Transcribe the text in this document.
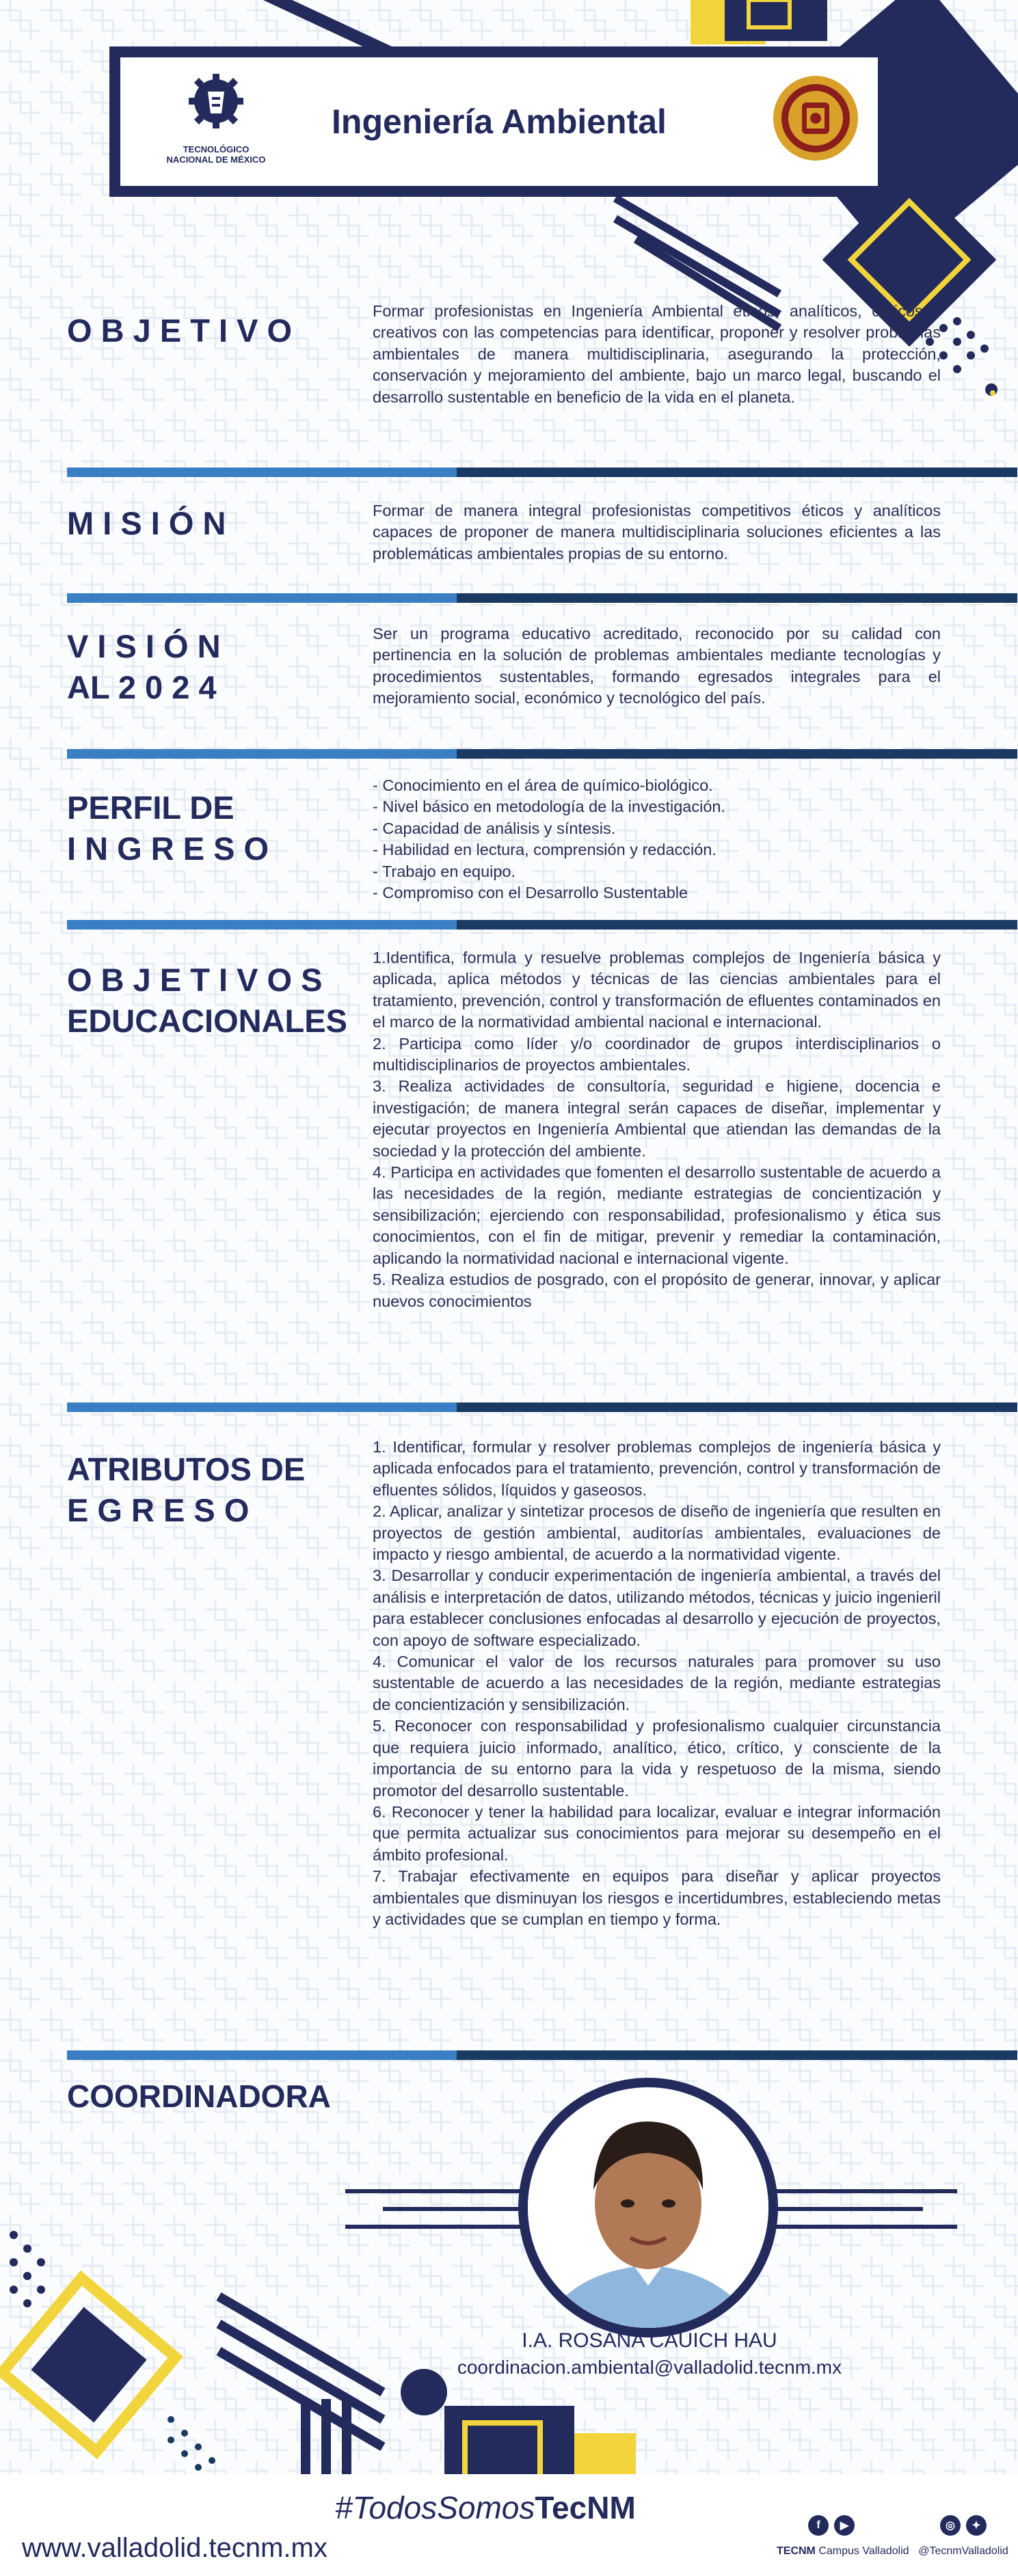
TECNOLÓGICO
NACIONAL DE MÉXICO
Ingeniería Ambiental
O B J E T I V O

Formar profesionistas en Ingeniería Ambiental éticos, analíticos, críticos y creativos con las competencias para identificar, proponer y resolver problemas ambientales de manera multidisciplinaria, asegurando la protección, conservación y mejoramiento del ambiente, bajo un marco legal, buscando el desarrollo sustentable en beneficio de la vida en el planeta.

M I S I Ó N	Formar de manera integral profesionistas competitivos éticos y analíticos capaces de proponer de manera multidisciplinaria soluciones eficientes a las problemáticas ambientales propias de su entorno.

V I S I Ó N
AL 2 0 2 4

Ser un programa educativo acreditado, reconocido por su calidad con pertinencia en la solución de problemas ambientales mediante tecnologías y procedimientos sustentables, formando egresados integrales para el mejoramiento social, económico y tecnológico del país.

PERFIL DE
I N G R E S O

- Conocimiento en el área de químico-biológico.

- Nivel básico en metodología de la investigación.

- Capacidad de análisis y síntesis.

- Habilidad en lectura, comprensión y redacción.

- Trabajo en equipo.

- Compromiso con el Desarrollo Sustentable

O B J E T I V O S
EDUCACIONALES

1.Identifica, formula y resuelve problemas complejos de Ingeniería básica y aplicada, aplica métodos y técnicas de las ciencias ambientales para el tratamiento, prevención, control y transformación de efluentes contaminados en el marco de la normatividad ambiental nacional e internacional.

2. Participa como líder y/o coordinador de grupos interdisciplinarios o multidisciplinarios de proyectos ambientales.

3. Realiza actividades de consultoría, seguridad e higiene, docencia e investigación; de manera integral serán capaces de diseñar, implementar y ejecutar proyectos en Ingeniería Ambiental que atiendan las demandas de la sociedad y la protección del ambiente.

4. Participa en actividades que fomenten el desarrollo sustentable de acuerdo a las necesidades de la región, mediante estrategias de concientización y sensibilización; ejerciendo con responsabilidad, profesionalismo y ética sus conocimientos, con el fin de mitigar, prevenir y remediar la contaminación, aplicando la normatividad nacional e internacional vigente.

5. Realiza estudios de posgrado, con el propósito de generar, innovar, y aplicar nuevos conocimientos

ATRIBUTOS DE
E G R E S O

1. Identificar, formular y resolver problemas complejos de ingeniería básica y aplicada enfocados para el tratamiento, prevención, control y transformación de efluentes sólidos, líquidos y gaseosos.

2. Aplicar, analizar y sintetizar procesos de diseño de ingeniería que resulten en proyectos de gestión ambiental, auditorías ambientales, evaluaciones de impacto y riesgo ambiental, de acuerdo a la normatividad vigente.

3. Desarrollar y conducir experimentación de ingeniería ambiental, a través del análisis e interpretación de datos, utilizando métodos, técnicas y juicio ingenieril para establecer conclusiones enfocadas al desarrollo y ejecución de proyectos, con apoyo de software especializado.

4. Comunicar el valor de los recursos naturales para promover su uso sustentable de acuerdo a las necesidades de la región, mediante estrategias de concientización y sensibilización.

5. Reconocer con responsabilidad y profesionalismo cualquier circunstancia que requiera juicio informado, analítico, ético, crítico, y consciente de la importancia de su entorno para la vida y respetuoso de la misma, siendo promotor del desarrollo sustentable.

6. Reconocer y tener la habilidad para localizar, evaluar e integrar información que permita actualizar sus conocimientos para mejorar su desempeño en el ámbito profesional.

7. Trabajar efectivamente en equipos para diseñar y aplicar proyectos ambientales que disminuyan los riesgos e incertidumbres, estableciendo metas y actividades que se cumplan en tiempo y forma.

COORDINADORA
I.A. ROSANA CAUICH HAU
coordinacion.ambiental@valladolid.tecnm.mx
#TodosSomosTecNM
www.valladolid.tecnm.mx
f	▶
TECNM Campus Valladolid
◎	✦
@TecnmValladolid
